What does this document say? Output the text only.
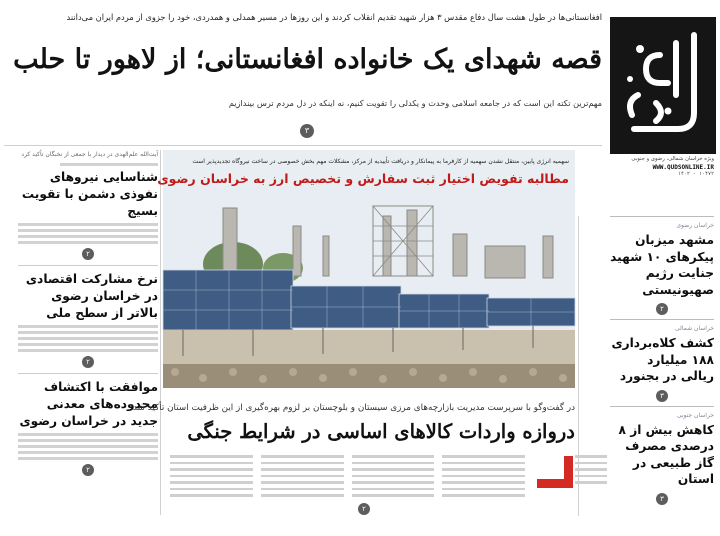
ویژه خراسان شمالی، رضوی و جنوبی
WWW.QUDSONLINE.IR
۱۴۰۲ - ۱۰۴۷۲
خراسان رضوی
مشهد میزبان پیکرهای ۱۰ شهید جنایت رژیم صهیونیستی
۲
خراسان شمالی
کشف کلاه‌برداری ۱۸۸ میلیارد ریالی در بجنورد
۳
خراسان جنوبی
کاهش بیش از ۸ درصدی مصرف گاز طبیعی در استان
۳
افغانستانی‌ها در طول هشت سال دفاع مقدس ۳ هزار شهید تقدیم انقلاب کردند و این روزها در مسیر همدلی و همدردی، خود را جزوی از مردم ایران می‌دانند
قصه شهدای یک خانواده افغانستانی؛ از لاهور تا حلب
مهم‌ترین تکته این است که در جامعه اسلامی وحدت و یکدلی را تقویت کنیم، نه اینکه در دل مردم ترس بیندازیم
۳
آیت‌الله علم‌الهدی در دیدار با جمعی از نخبگان تأکید کرد
شناسایی نیروهای نفوذی دشمن با تقویت بسیج
۲
نرخ مشارکت اقتصادی در خراسان رضوی بالاتر از سطح ملی
۲
موافقت با اکتشاف محدوده‌های معدنی جدید در خراسان رضوی
۲
سهمیه انرژی پایین، منتقل نشدن سهمیه از کارفرما به پیمانکار و دریافت تأییدیه از مرکز، مشکلات مهم بخش خصوصی در ساخت نیروگاه تجدیدپذیر است
مطالبه تفویض اختیار ثبت سفارش و تخصیص ارز به خراسان رضوی
عکس: آرشیو
در گفت‌وگو با سرپرست مدیریت بازارچه‌های مرزی سیستان و بلوچستان بر لزوم بهره‌گیری از این ظرفیت استان تأکید شد
دروازه واردات کالاهای اساسی در شرایط جنگی
۲
